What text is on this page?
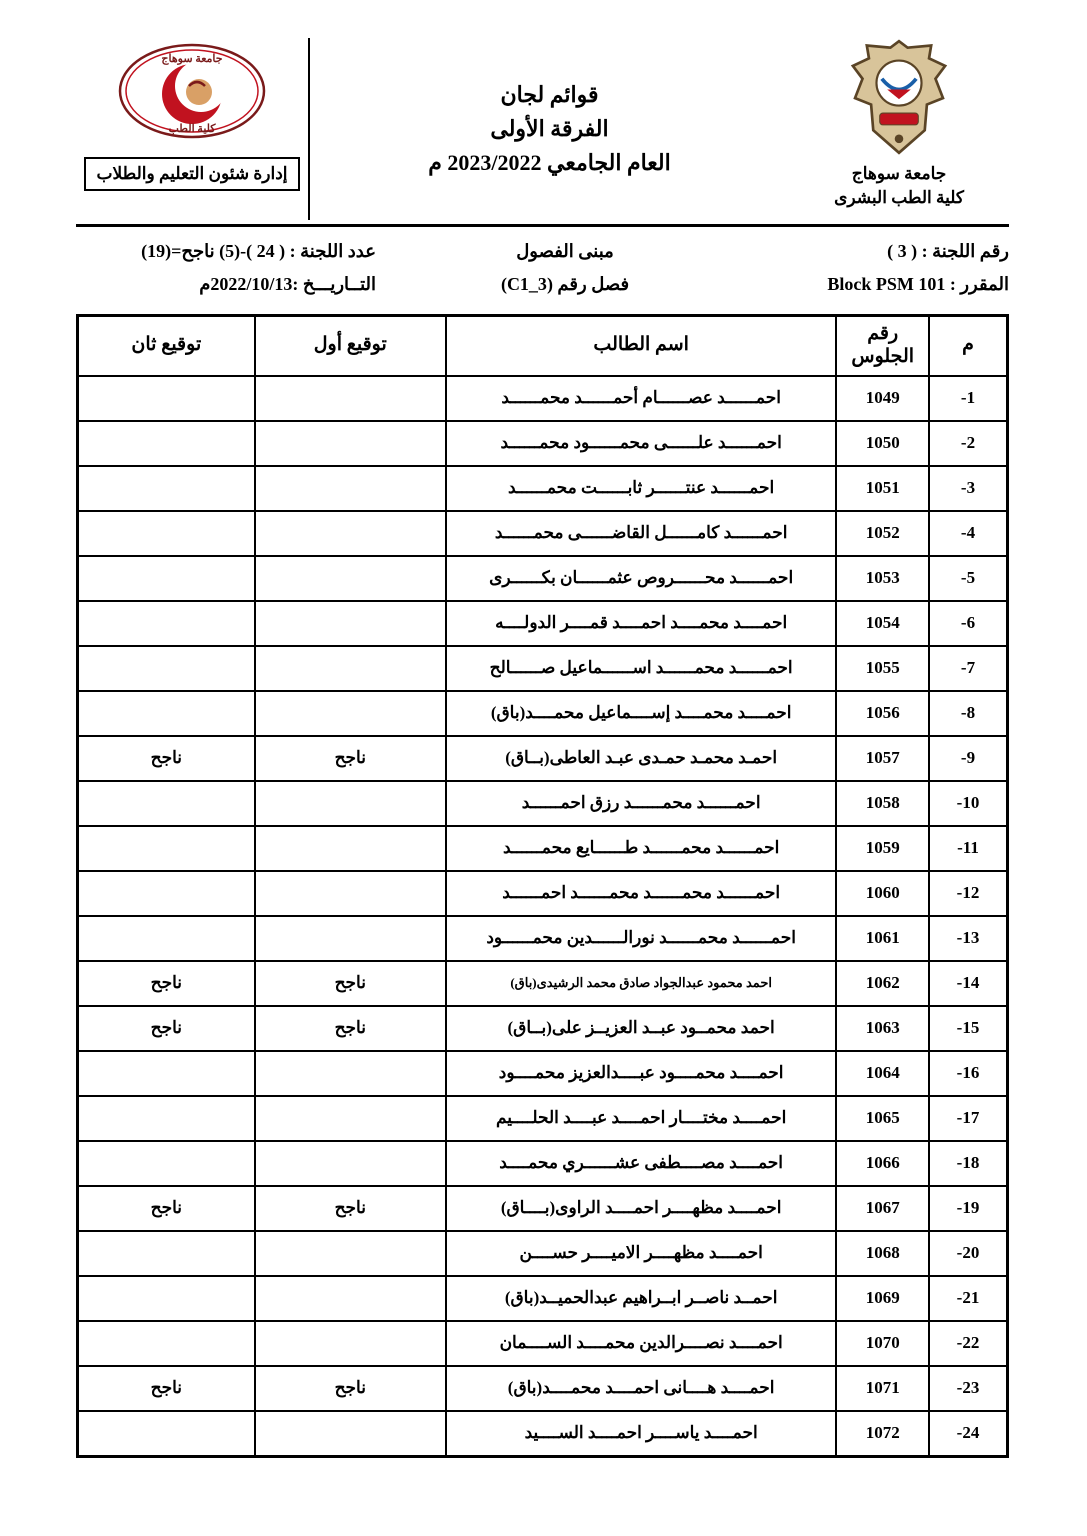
جامعة سوهاج
كلية الطب البشرى
قوائم لجان
الفرقة الأولى
العام الجامعي 2023/2022 م
جامعة سوهاج
كلية الطب
إدارة شئون التعليم والطلاب
رقم اللجنة : ( 3 )
المقرر : Block PSM 101
مبنى الفصول
فصل رقم (C1_3)
عدد اللجنة : ( 24 )-(5) ناجح=(19)
التــاريـــخ :2022/10/13م
م	رقم الجلوس	اسم الطالب	توقيع أول	توقيع ثان
-1	1049	احمــــــد عصــــــام أحمــــــد محمــــــد		
-2	1050	احمــــــد علــــــى محمــــــود محمــــــد		
-3	1051	احمــــــد عنتــــــر ثابــــــت محمــــــد		
-4	1052	احمــــــد كامــــــل القاضــــــى محمــــــد		
-5	1053	احمــــــد محــــــروص عثمــــــان بكــــــرى		
-6	1054	احمــــد محمــــد احمــــد قمــــر الدولــــه		
-7	1055	احمــــــد محمــــــد اســــــماعيل صــــــالح		
-8	1056	احمــــد محمــــد إســــماعيل محمــــد(باق)		
-9	1057	احمـد محمـد حمـدى عبـد العاطى(بــاق)	ناجح	ناجح
-10	1058	احمــــــد محمــــــد رزق احمــــــد		
-11	1059	احمــــــد محمــــــد طــــــايع محمــــــد		
-12	1060	احمــــــد محمــــــد محمــــــد احمــــــد		
-13	1061	احمــــــد محمــــــد نورالــــــدين محمــــــود		
-14	1062	احمد محمود عبدالجواد صادق محمد الرشيدى(باق)	ناجح	ناجح
-15	1063	احمد محمــود عبــد العزيــز على(بــاق)	ناجح	ناجح
-16	1064	احمــــد محمــــود عبــــدالعزيز محمــــود		
-17	1065	احمــــد مختــــار احمــــد عبــــد الحلــــيم		
-18	1066	احمــــد مصــــطفى عشــــــري محمــــد		
-19	1067	احمــــد مظهــــر احمــــد الراوى(بــــاق)	ناجح	ناجح
-20	1068	احمــــد مظهــــر الاميــــر حســــن		
-21	1069	احمــد ناصــر ابــراهيم عبدالحميــد(باق)		
-22	1070	احمــــد نصــــرالدين محمــــد الســــمان		
-23	1071	احمــــد هــــانى احمــــد محمــــد(باق)	ناجح	ناجح
-24	1072	احمــــد ياســــر احمــــد الســــيد		
